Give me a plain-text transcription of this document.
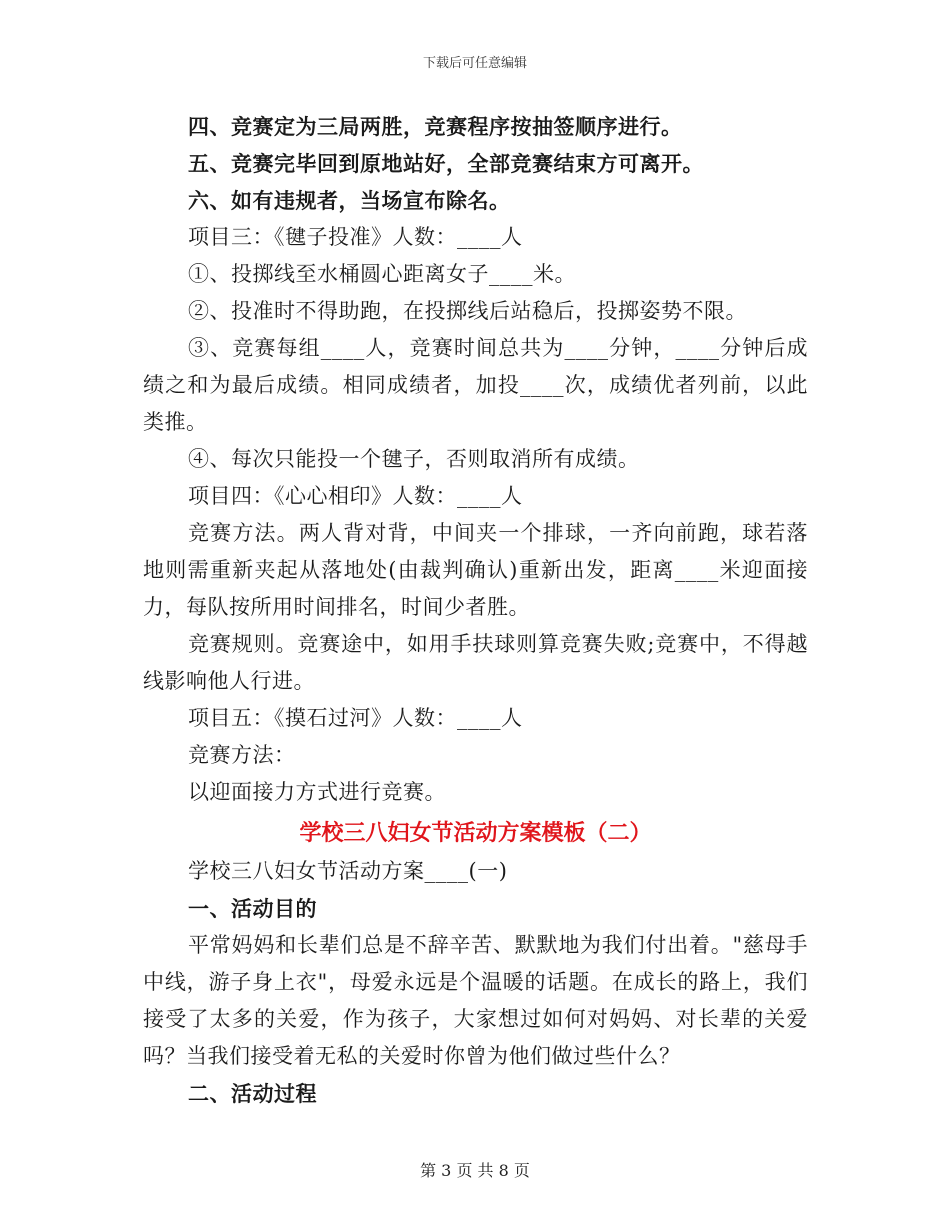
下载后可任意编辑
四、竞赛定为三局两胜，竞赛程序按抽签顺序进行。
五、竞赛完毕回到原地站好，全部竞赛结束方可离开。
六、如有违规者，当场宣布除名。
项目三：《毽子投准》人数：____人
①、投掷线至水桶圆心距离女子____米。
②、投准时不得助跑，在投掷线后站稳后，投掷姿势不限。
③、竞赛每组____人，竞赛时间总共为____分钟，____分钟后成绩之和为最后成绩。相同成绩者，加投____次，成绩优者列前，以此类推。
④、每次只能投一个毽子，否则取消所有成绩。
项目四：《心心相印》人数：____人
竞赛方法。两人背对背，中间夹一个排球，一齐向前跑，球若落地则需重新夹起从落地处(由裁判确认)重新出发，距离____米迎面接力，每队按所用时间排名，时间少者胜。
竞赛规则。竞赛途中，如用手扶球则算竞赛失败;竞赛中，不得越线影响他人行进。
项目五：《摸石过河》人数：____人
竞赛方法：
以迎面接力方式进行竞赛。
学校三八妇女节活动方案模板（二）
学校三八妇女节活动方案____(一)
一、活动目的
平常妈妈和长辈们总是不辞辛苦、默默地为我们付出着。"慈母手中线，游子身上衣"，母爱永远是个温暖的话题。在成长的路上，我们接受了太多的关爱，作为孩子，大家想过如何对妈妈、对长辈的关爱吗？当我们接受着无私的关爱时你曾为他们做过些什么？
二、活动过程
第 3 页 共 8 页
